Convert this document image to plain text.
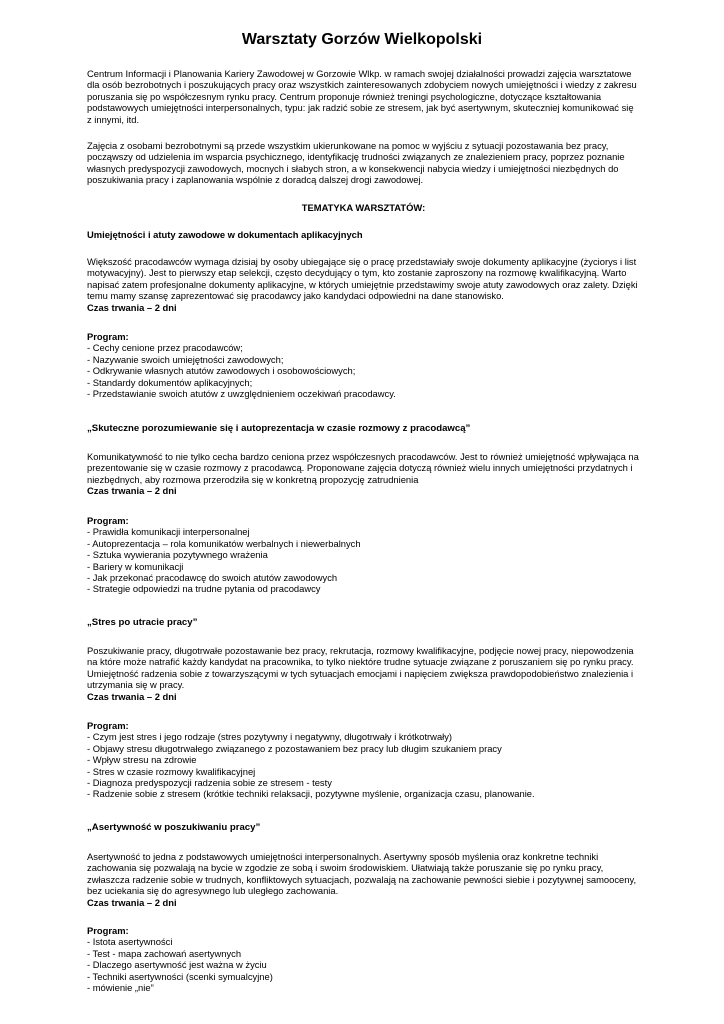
Warsztaty Gorzów Wielkopolski

Centrum Informacji i Planowania Kariery Zawodowej w Gorzowie Wlkp. w ramach swojej działalności prowadzi zajęcia warsztatowe dla osób bezrobotnych i poszukujących pracy oraz wszystkich zainteresowanych zdobyciem nowych umiejętności i wiedzy z zakresu poruszania się po współczesnym rynku pracy. Centrum proponuje również treningi psychologiczne, dotyczące kształtowania podstawowych umiejętności interpersonalnych, typu: jak radzić sobie ze stresem, jak być asertywnym, skuteczniej komunikować się z innymi, itd.

Zajęcia z osobami bezrobotnymi są przede wszystkim ukierunkowane na pomoc w wyjściu z sytuacji pozostawania bez pracy, począwszy od udzielenia im wsparcia psychicznego, identyfikację trudności związanych ze znalezieniem pracy, poprzez poznanie własnych predyspozycji zawodowych, mocnych i słabych stron, a w konsekwencji nabycia wiedzy i umiejętności niezbędnych do poszukiwania pracy i zaplanowania wspólnie z doradcą dalszej drogi zawodowej.

TEMATYKA WARSZTATÓW:
Umiejętności i atuty zawodowe w dokumentach aplikacyjnych

Większość pracodawców wymaga dzisiaj by osoby ubiegające się o pracę przedstawiały swoje dokumenty aplikacyjne (życiorys i list motywacyjny). Jest to pierwszy etap selekcji, często decydujący o tym, kto zostanie zaproszony na rozmowę kwalifikacyjną. Warto napisać zatem profesjonalne dokumenty aplikacyjne, w których umiejętnie przedstawimy swoje atuty zawodowych oraz zalety. Dzięki temu mamy szansę zaprezentować się pracodawcy jako kandydaci odpowiedni na dane stanowisko.

Czas trwania – 2 dni

Program:
- Cechy cenione przez pracodawców;
- Nazywanie swoich umiejętności zawodowych;
- Odkrywanie własnych atutów zawodowych i osobowościowych;
- Standardy dokumentów aplikacyjnych;
- Przedstawianie swoich atutów z uwzględnieniem oczekiwań pracodawcy.
„Skuteczne porozumiewanie się i autoprezentacja w czasie rozmowy z pracodawcą”

Komunikatywność to nie tylko cecha bardzo ceniona przez współczesnych pracodawców. Jest to również umiejętność wpływająca na prezentowanie się w czasie rozmowy z pracodawcą. Proponowane zajęcia dotyczą również wielu innych umiejętności przydatnych i niezbędnych, aby rozmowa przerodziła się w konkretną propozycję zatrudnienia

Czas trwania – 2 dni

Program:
- Prawidła komunikacji interpersonalnej
- Autoprezentacja – rola komunikatów werbalnych i niewerbalnych
- Sztuka wywierania pozytywnego wrażenia
- Bariery w komunikacji
- Jak przekonać pracodawcę do swoich atutów zawodowych
- Strategie odpowiedzi na trudne pytania od pracodawcy
„Stres po utracie pracy”

Poszukiwanie pracy, długotrwałe pozostawanie bez pracy, rekrutacja, rozmowy kwalifikacyjne, podjęcie nowej pracy, niepowodzenia na które może natrafić każdy kandydat na pracownika, to tylko niektóre trudne sytuacje związane z poruszaniem się po rynku pracy. Umiejętność radzenia sobie z towarzyszącymi w tych sytuacjach emocjami i napięciem zwiększa prawdopodobieństwo znalezienia i utrzymania się w pracy.

Czas trwania – 2 dni

Program:
- Czym jest stres i jego rodzaje (stres pozytywny i negatywny, długotrwały i krótkotrwały)
- Objawy stresu długotrwałego związanego z pozostawaniem bez pracy lub długim szukaniem pracy
- Wpływ stresu na zdrowie
- Stres w czasie rozmowy kwalifikacyjnej
- Diagnoza predyspozycji radzenia sobie ze stresem - testy
- Radzenie sobie z stresem (krótkie techniki relaksacji, pozytywne myślenie, organizacja czasu, planowanie.
„Asertywność w poszukiwaniu pracy”

Asertywność to jedna z podstawowych umiejętności interpersonalnych. Asertywny sposób myślenia oraz konkretne techniki zachowania się pozwalają na bycie w zgodzie ze sobą i swoim środowiskiem. Ułatwiają także poruszanie się po rynku pracy, zwłaszcza radzenie sobie w trudnych, konfliktowych sytuacjach, pozwalają na zachowanie pewności siebie i pozytywnej samooceny, bez uciekania się do agresywnego lub uległego zachowania.

Czas trwania – 2 dni

Program:
- Istota asertywności
- Test - mapa zachowań asertywnych
- Dlaczego asertywność jest ważna w życiu
- Techniki asertywności (scenki symualcyjne)
- mówienie „nie”
